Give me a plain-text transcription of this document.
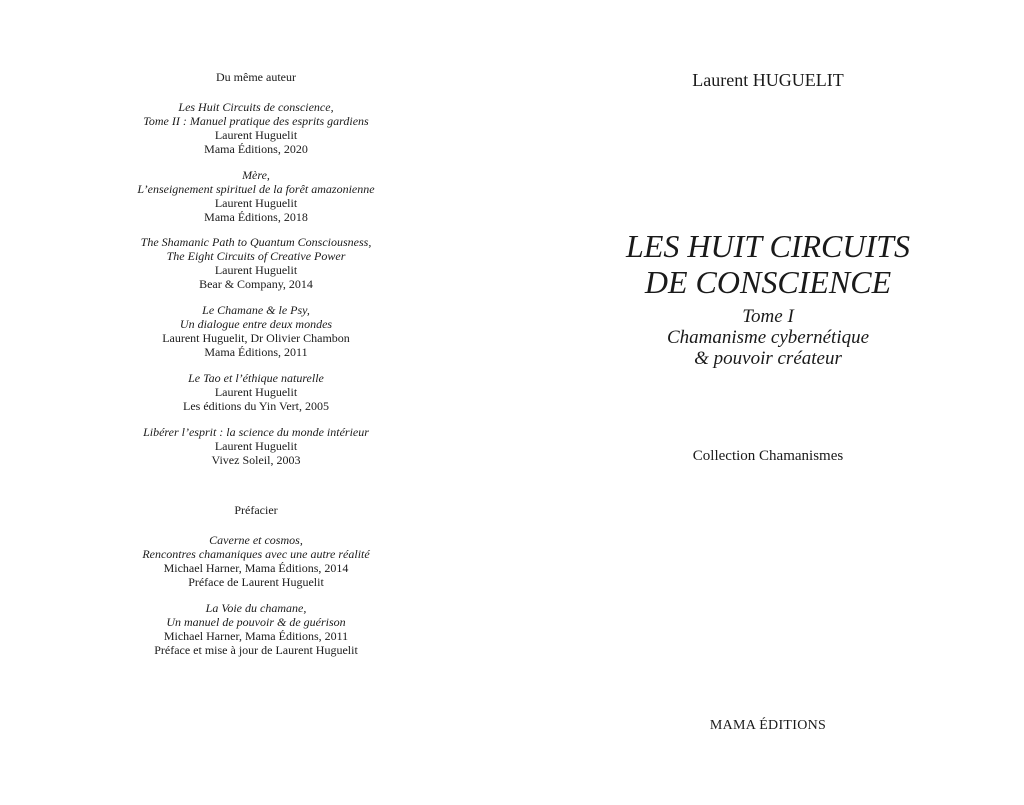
Du même auteur
Les Huit Circuits de conscience,
Tome II : Manuel pratique des esprits gardiens
Laurent Huguelit
Mama Éditions, 2020
Mère,
L’enseignement spirituel de la forêt amazonienne
Laurent Huguelit
Mama Éditions, 2018
The Shamanic Path to Quantum Consciousness,
The Eight Circuits of Creative Power
Laurent Huguelit
Bear & Company, 2014
Le Chamane & le Psy,
Un dialogue entre deux mondes
Laurent Huguelit, Dr Olivier Chambon
Mama Éditions, 2011
Le Tao et l’éthique naturelle
Laurent Huguelit
Les éditions du Yin Vert, 2005
Libérer l’esprit : la science du monde intérieur
Laurent Huguelit
Vivez Soleil, 2003
Préfacier
Caverne et cosmos,
Rencontres chamaniques avec une autre réalité
Michael Harner, Mama Éditions, 2014
Préface de Laurent Huguelit
La Voie du chamane,
Un manuel de pouvoir & de guérison
Michael Harner, Mama Éditions, 2011
Préface et mise à jour de Laurent Huguelit
Laurent HUGUELIT
LES HUIT CIRCUITS
DE CONSCIENCE
Tome I
Chamanisme cybernétique
& pouvoir créateur
Collection Chamanismes
MAMA ÉDITIONS
